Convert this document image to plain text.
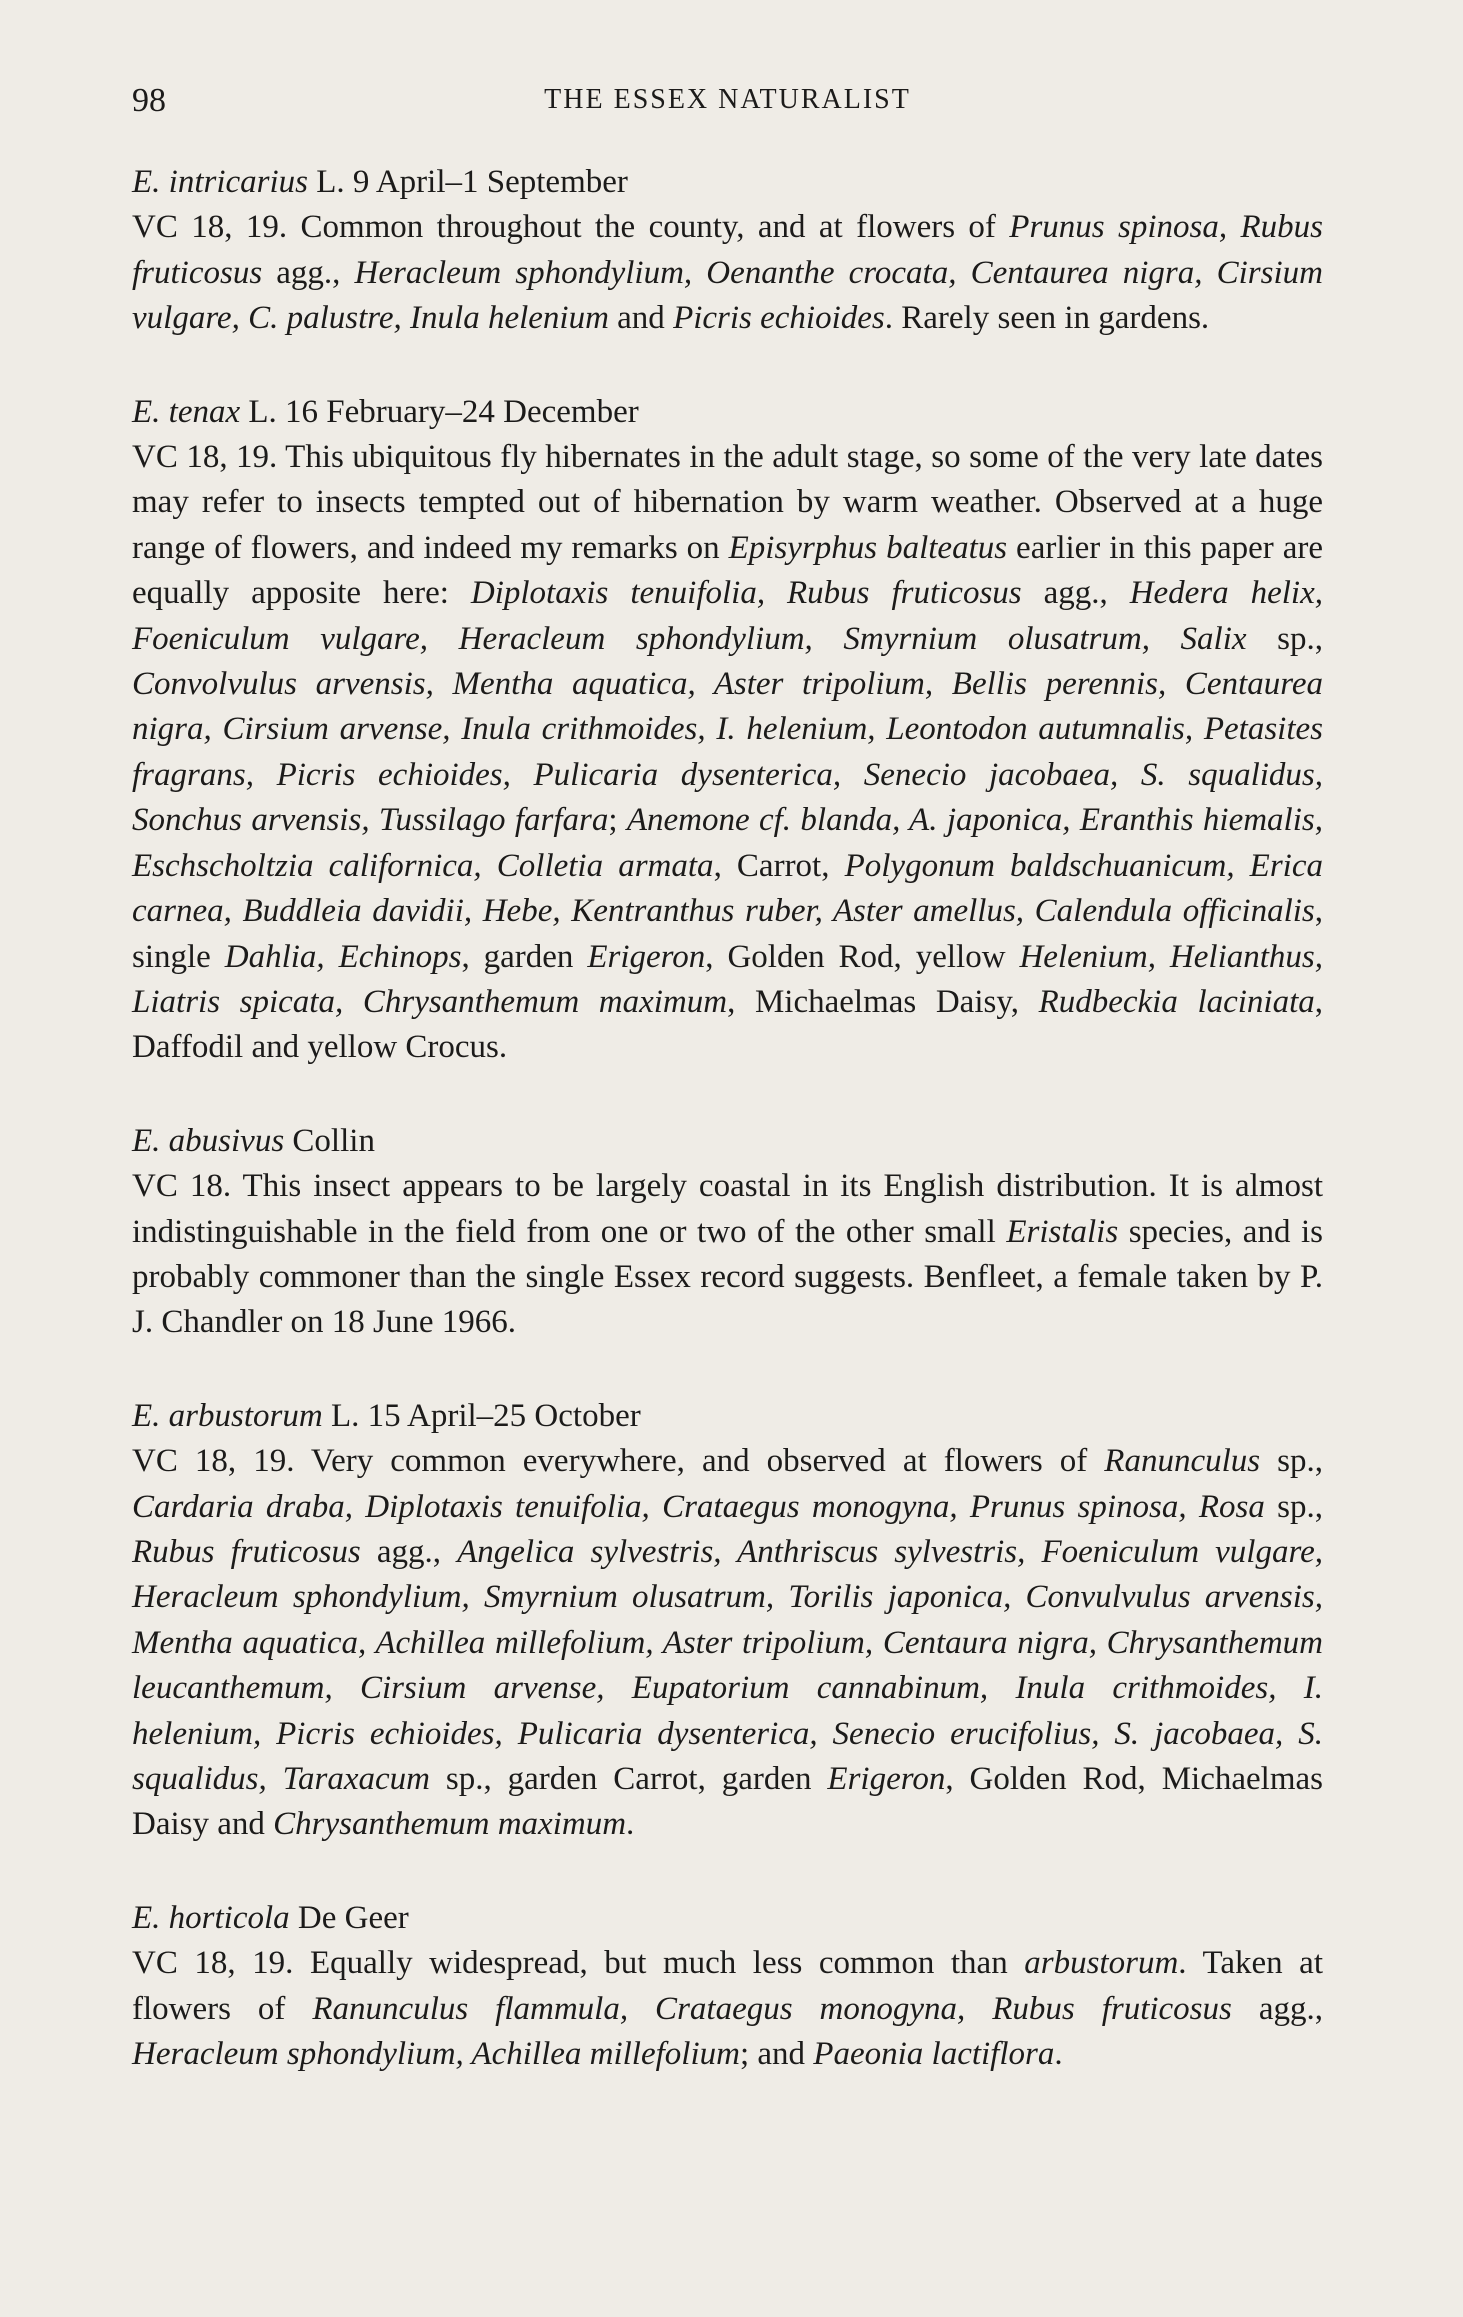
98	THE ESSEX NATURALIST

E. intricarius L. 9 April–1 September

VC 18, 19. Common throughout the county, and at flowers of Prunus spinosa, Rubus fruticosus agg., Heracleum sphondylium, Oenanthe crocata, Centaurea nigra, Cirsium vulgare, C. palustre, Inula helenium and Picris echioides. Rarely seen in gardens.

E. tenax L. 16 February–24 December

VC 18, 19. This ubiquitous fly hibernates in the adult stage, so some of the very late dates may refer to insects tempted out of hibernation by warm weather. Observed at a huge range of flowers, and indeed my remarks on Episyrphus balteatus earlier in this paper are equally apposite here: Diplotaxis tenuifolia, Rubus fruticosus agg., Hedera helix, Foeniculum vulgare, Heracleum sphondylium, Smyrnium olusatrum, Salix sp., Convolvulus arvensis, Mentha aquatica, Aster tripolium, Bellis perennis, Centaurea nigra, Cirsium arvense, Inula crithmoides, I. helenium, Leontodon autumnalis, Petasites fragrans, Picris echioides, Pulicaria dysenterica, Senecio jacobaea, S. squalidus, Sonchus arvensis, Tussilago farfara; Anemone cf. blanda, A. japonica, Eranthis hiemalis, Eschscholtzia californica, Colletia armata, Carrot, Polygonum baldschuanicum, Erica carnea, Buddleia davidii, Hebe, Kentranthus ruber, Aster amellus, Calendula officinalis, single Dahlia, Echinops, garden Erigeron, Golden Rod, yellow Helenium, Helianthus, Liatris spicata, Chrysanthemum maximum, Michaelmas Daisy, Rudbeckia laciniata, Daffodil and yellow Crocus.

E. abusivus Collin

VC 18. This insect appears to be largely coastal in its English distribution. It is almost indistinguishable in the field from one or two of the other small Eristalis species, and is probably commoner than the single Essex record suggests. Benfleet, a female taken by P. J. Chandler on 18 June 1966.

E. arbustorum L. 15 April–25 October

VC 18, 19. Very common everywhere, and observed at flowers of Ranunculus sp., Cardaria draba, Diplotaxis tenuifolia, Crataegus monogyna, Prunus spinosa, Rosa sp., Rubus fruticosus agg., Angelica sylvestris, Anthriscus sylvestris, Foeniculum vulgare, Heracleum sphondylium, Smyrnium olusatrum, Torilis japonica, Convulvulus arvensis, Mentha aquatica, Achillea millefolium, Aster tripolium, Centaura nigra, Chrysanthemum leucanthemum, Cirsium arvense, Eupatorium cannabinum, Inula crithmoides, I. helenium, Picris echioides, Pulicaria dysenterica, Senecio erucifolius, S. jacobaea, S. squalidus, Taraxacum sp., garden Carrot, garden Erigeron, Golden Rod, Michaelmas Daisy and Chrysanthemum maximum.

E. horticola De Geer

VC 18, 19. Equally widespread, but much less common than arbustorum. Taken at flowers of Ranunculus flammula, Crataegus monogyna, Rubus fruticosus agg., Heracleum sphondylium, Achillea millefolium; and Paeonia lactiflora.
